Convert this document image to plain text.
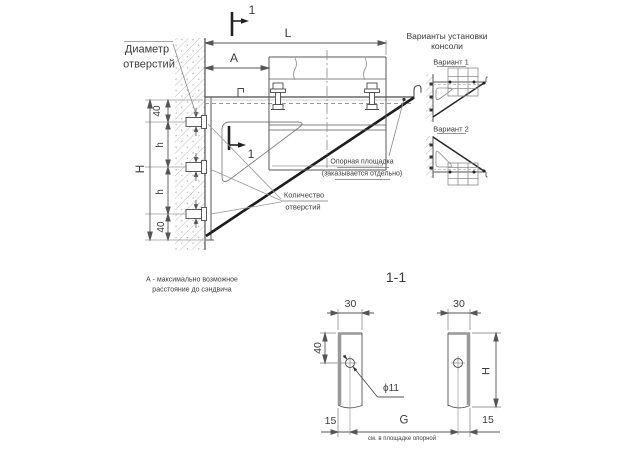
Диаметр
отверстий
1
1
L
A
H
40
h
h
40
Количество
отверстий
Опорная площадка
(заказывается отдельно)
А - максимально возможное
расстояние до сэндвича
Варианты установки
консоли
Вариант 1
Вариант 2
1-1
30	30
40
ϕ11
H
15	G	15
см. в площадке опорной
